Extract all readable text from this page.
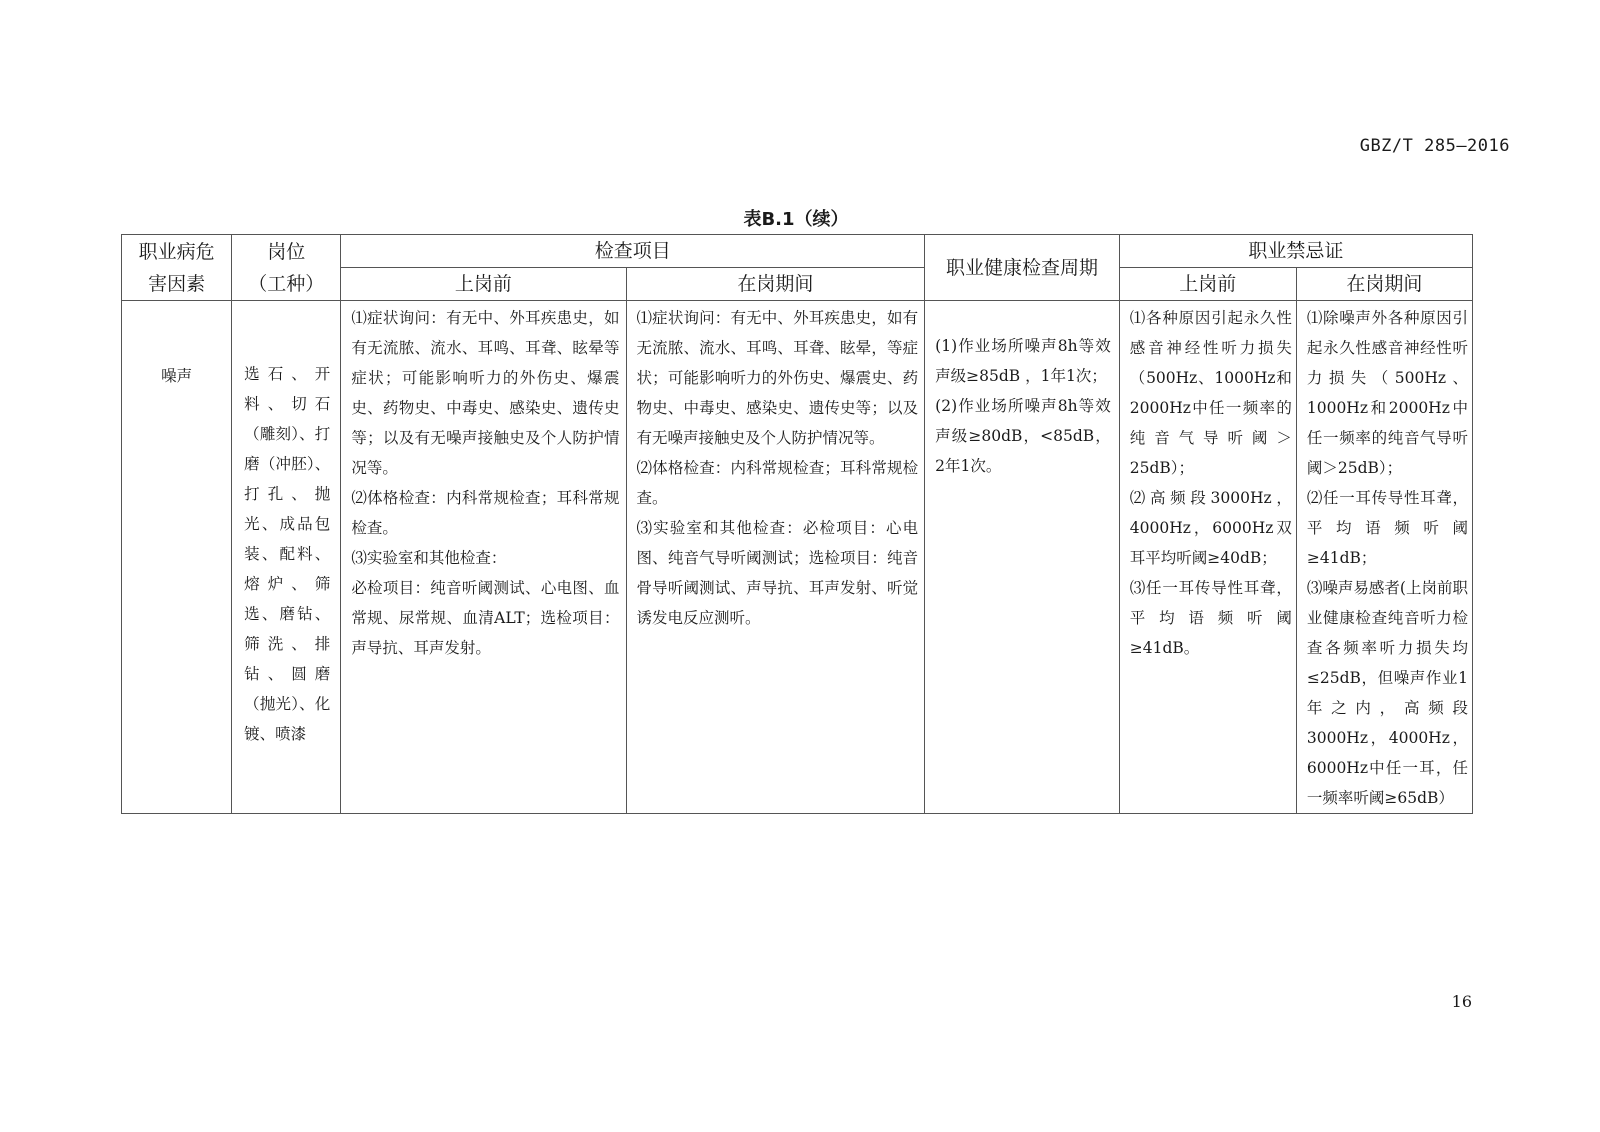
GBZ/T 285—2016
表B.1（续）
职业病危
害因素	岗位
（工种）	检查项目		职业健康检查周期	职业禁忌证	
		上岗前	在岗期间		上岗前	在岗期间
噪声	选石、开料、切石（雕刻）、打磨（冲胚）、打孔、抛光、成品包装、配料、熔炉、筛选、磨钻、筛洗、排钻、圆磨（抛光）、化镀、喷漆	⑴症状询问：有无中、外耳疾患史，如有无流脓、流水、耳鸣、耳聋、眩晕等症状；可能影响听力的外伤史、爆震史、药物史、中毒史、感染史、遗传史等；以及有无噪声接触史及个人防护情况等。
⑵体格检查：内科常规检查；耳科常规检查。
⑶实验室和其他检查：
必检项目：纯音听阈测试、心电图、血常规、尿常规、血清ALT；选检项目：声导抗、耳声发射。	⑴症状询问：有无中、外耳疾患史，如有无流脓、流水、耳鸣、耳聋、眩晕，等症状；可能影响听力的外伤史、爆震史、药物史、中毒史、感染史、遗传史等；以及有无噪声接触史及个人防护情况等。
⑵体格检查：内科常规检查；耳科常规检查。
⑶实验室和其他检查：必检项目：心电图、纯音气导听阈测试；选检项目：纯音骨导听阈测试、声导抗、耳声发射、听觉诱发电反应测听。	(1)作业场所噪声8h等效声级≥85dB ，1年1次；
(2)作业场所噪声8h等效声级≥80dB，<85dB，2年1次。	⑴各种原因引起永久性感音神经性听力损失（500Hz、1000Hz和2000Hz中任一频率的纯音气导听阈＞25dB）；
⑵高频段3000Hz，4000Hz，6000Hz双耳平均听阈≥40dB；
⑶任一耳传导性耳聋，平均语频听阈≥41dB。	⑴除噪声外各种原因引起永久性感音神经性听力损失（500Hz、1000Hz和2000Hz中任一频率的纯音气导听阈＞25dB）；
⑵任一耳传导性耳聋，平均语频听阈≥41dB；
⑶噪声易感者(上岗前职业健康检查纯音听力检查各频率听力损失均≤25dB，但噪声作业1年之内，高频段3000Hz，4000Hz，6000Hz中任一耳，任一频率听阈≥65dB）
16
